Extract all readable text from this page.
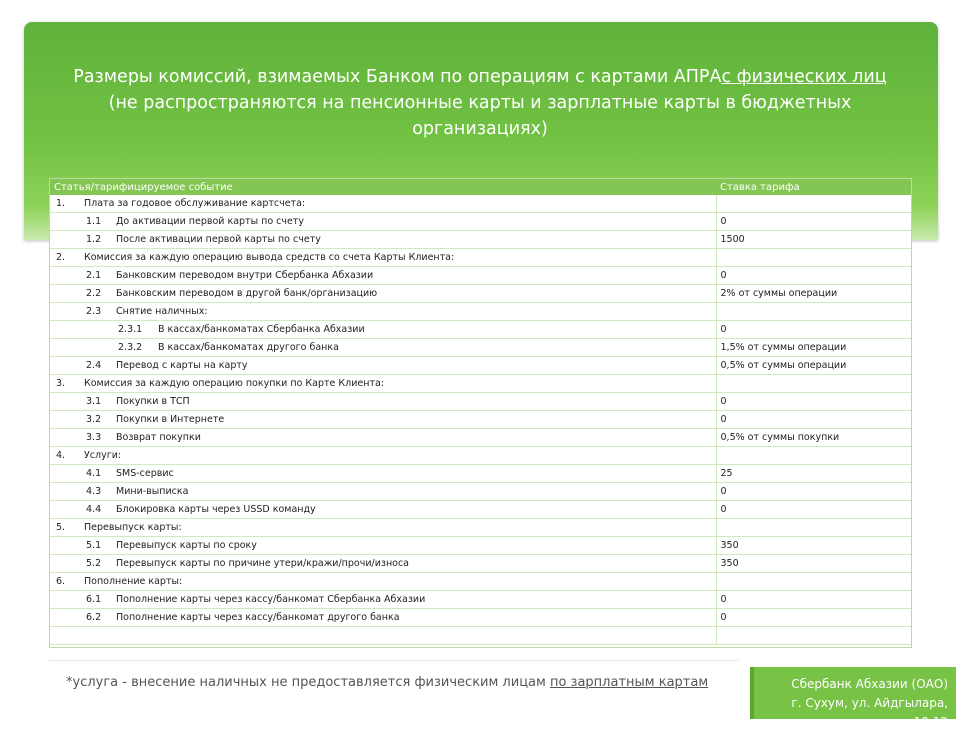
Размеры комиссий, взимаемых Банком по операциям с картами АПРАс физических лиц
(не распространяются на пенсионные карты и зарплатные карты в бюджетных
организациях)
Статья/тарифицируемое событие	Ставка тарифа
1. Плата за годовое обслуживание картсчета:	
1.1 До активации первой карты по счету	0
1.2 После активации первой карты по счету	1500
2. Комиссия за каждую операцию вывода средств со счета Карты Клиента:	
2.1 Банковским переводом внутри Сбербанка Абхазии	0
2.2 Банковским переводом в другой банк/организацию	2% от суммы операции
2.3 Снятие наличных:	
2.3.1 В кассах/банкоматах Сбербанка Абхазии	0
2.3.2 В кассах/банкоматах другого банка	1,5% от суммы операции
2.4 Перевод с карты на карту	0,5% от суммы операции
3. Комиссия за каждую операцию покупки по Карте Клиента:	
3.1 Покупки в ТСП	0
3.2 Покупки в Интернете	0
3.3 Возврат покупки	0,5% от суммы покупки
4. Услуги:	
4.1 SMS-сервис	25
4.3 Мини-выписка	0
4.4 Блокировка карты через USSD команду	0
5. Перевыпуск карты:	
5.1 Перевыпуск карты по сроку	350
5.2 Перевыпуск карты по причине утери/кражи/прочи/износа	350
6. Пополнение карты:	
6.1 Пополнение карты через кассу/банкомат Сбербанка Абхазии	0
6.2 Пополнение карты через кассу/банкомат другого банка	0

*услуга - внесение наличных не предоставляется физическим лицам по зарплатным картам	Сбербанк Абхазии (ОАО)
г. Сухум, ул. Айдгылара, 10,12
